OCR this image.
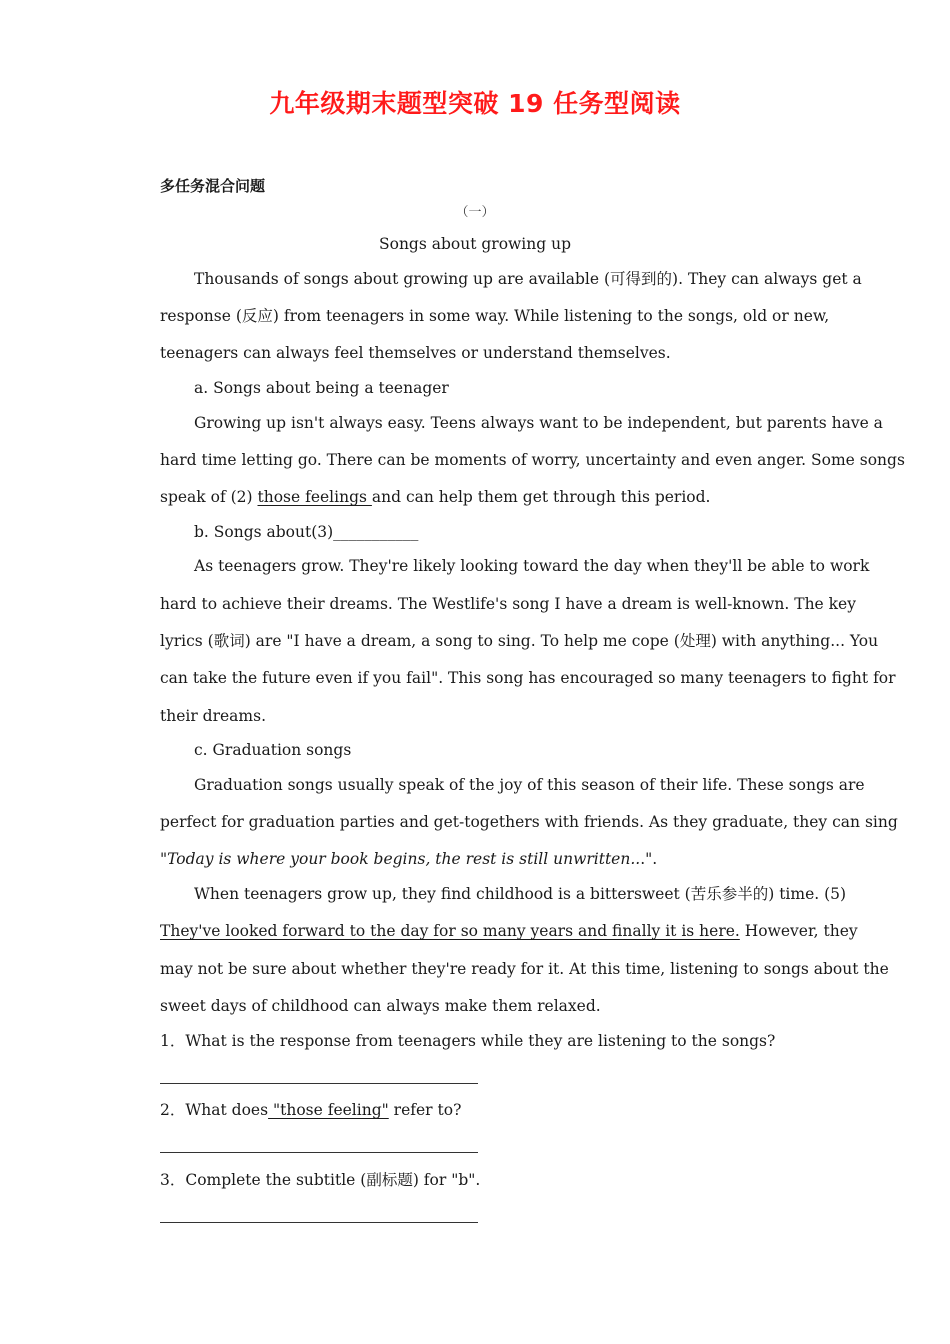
九年级期末题型突破 19 任务型阅读
多任务混合问题
（一）
Songs about growing up
Thousands of songs about growing up are available (可得到的). They can always get a
response (反应) from teenagers in some way. While listening to the songs, old or new,
teenagers can always feel themselves or understand themselves.
a. Songs about being a teenager
Growing up isn't always easy. Teens always want to be independent, but parents have a
hard time letting go. There can be moments of worry, uncertainty and even anger. Some songs
speak of (2) those feelings and can help them get through this period.
b. Songs about(3)___________
As teenagers grow. They're likely looking toward the day when they'll be able to work
hard to achieve their dreams. The Westlife's song I have a dream is well-known. The key
lyrics (歌词) are "I have a dream, a song to sing. To help me cope (处理) with anything... You
can take the future even if you fail". This song has encouraged so many teenagers to fight for
their dreams.
c. Graduation songs
Graduation songs usually speak of the joy of this season of their life. These songs are
perfect for graduation parties and get-togethers with friends. As they graduate, they can sing
"Today is where your book begins, the rest is still unwritten...".
When teenagers grow up, they find childhood is a bittersweet (苦乐参半的) time. (5)
They've looked forward to the day for so many years and finally it is here. However, they
may not be sure about whether they're ready for it. At this time, listening to songs about the
sweet days of childhood can always make them relaxed.
1．What is the response from teenagers while they are listening to the songs?
2．What does "those feeling" refer to?
3．Complete the subtitle (副标题) for "b".
